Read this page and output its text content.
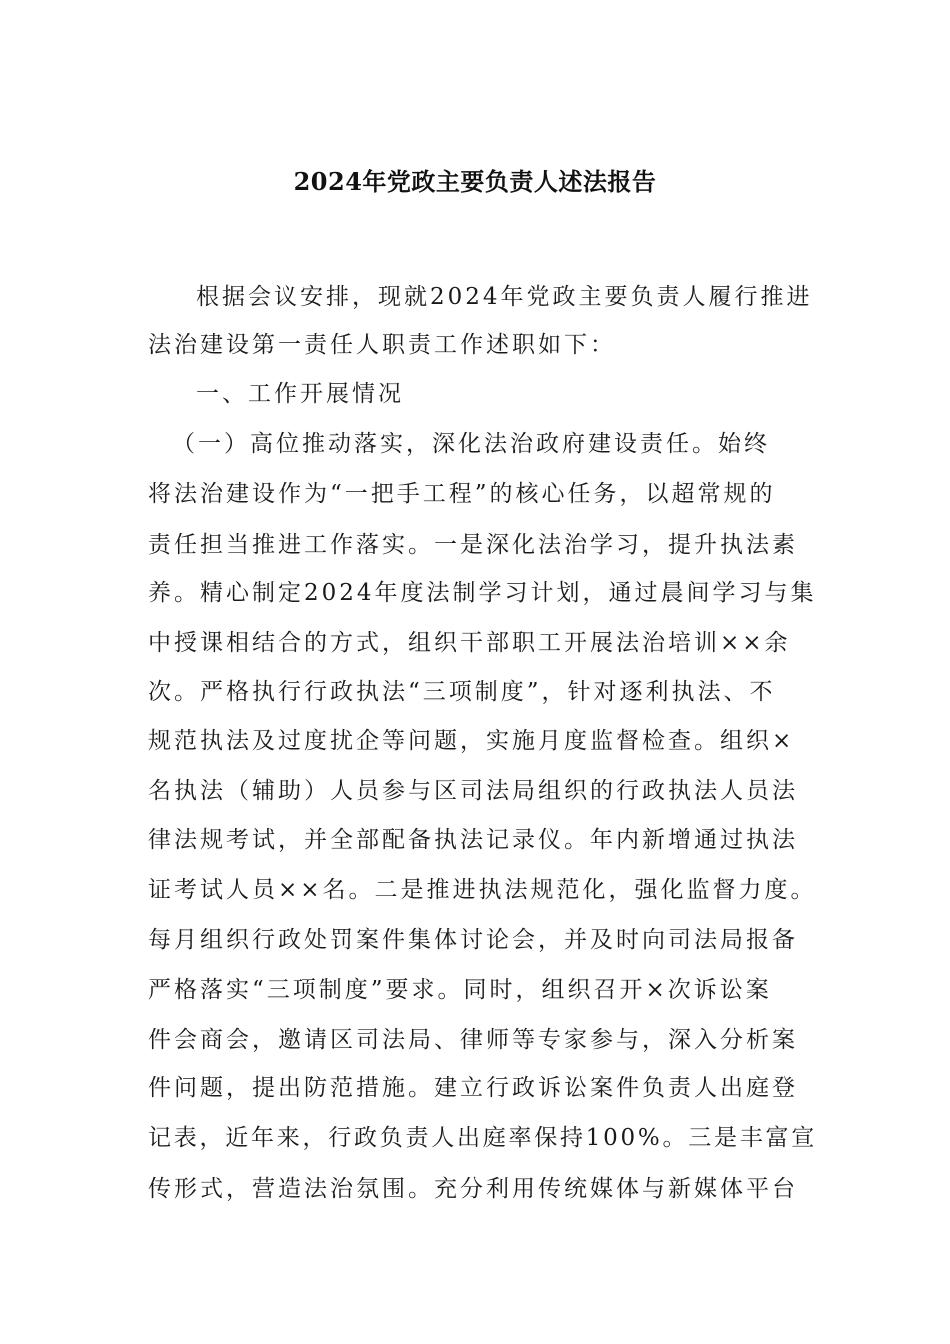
2024年党政主要负责人述法报告

根据会议安排，现就2024年党政主要负责人履行推进

法治建设第一责任人职责工作述职如下：

一、工作开展情况

（一）高位推动落实，深化法治政府建设责任。始终

将法治建设作为“一把手工程”的核心任务，以超常规的

责任担当推进工作落实。一是深化法治学习，提升执法素

养。精心制定2024年度法制学习计划，通过晨间学习与集

中授课相结合的方式，组织干部职工开展法治培训××余

次。严格执行行政执法“三项制度”，针对逐利执法、不

规范执法及过度扰企等问题，实施月度监督检查。组织×

名执法（辅助）人员参与区司法局组织的行政执法人员法

律法规考试，并全部配备执法记录仪。年内新增通过执法

证考试人员××名。二是推进执法规范化，强化监督力度。

每月组织行政处罚案件集体讨论会，并及时向司法局报备

严格落实“三项制度”要求。同时，组织召开×次诉讼案

件会商会，邀请区司法局、律师等专家参与，深入分析案

件问题，提出防范措施。建立行政诉讼案件负责人出庭登

记表，近年来，行政负责人出庭率保持100%。三是丰富宣

传形式，营造法治氛围。充分利用传统媒体与新媒体平台
